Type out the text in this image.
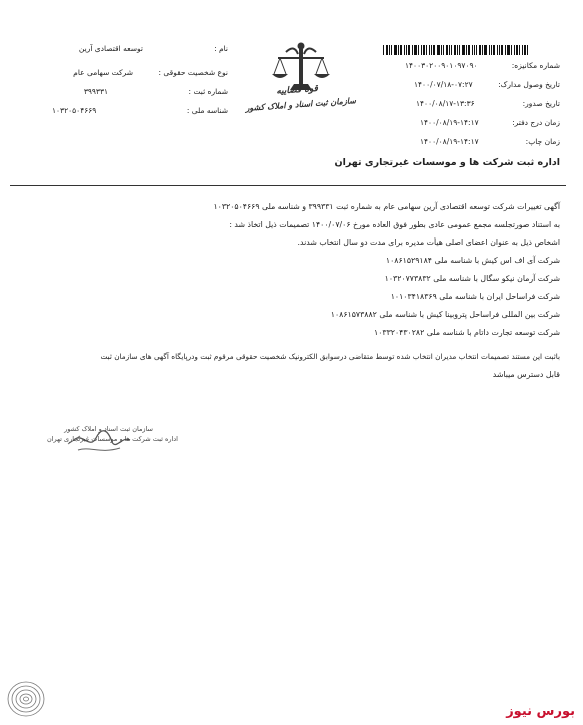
شماره مکانیزه:
۱۴۰۰۳۰۲۰۰۹۰۱۰۹۷۰۹۰
تاریخ وصول مدارک:
۱۴۰۰/۰۷/۱۸-۰۷:۲۷
تاریخ صدور:
۱۴۰۰/۰۸/۱۷-۱۳:۳۶
زمان درج دفتر:
۱۴۰۰/۰۸/۱۹-۱۴:۱۷
زمان چاپ:
۱۴۰۰/۰۸/۱۹-۱۴:۱۷
قوه قضاییه
سازمان ثبت اسناد و املاک کشور
نام :
توسعه اقتصادی آرین
نوع شخصیت حقوقی :
شرکت سهامی عام
شماره ثبت :
۳۹۹۳۳۱
شناسه ملی :
۱۰۳۲۰۵۰۴۶۶۹
اداره ثبت شرکت ها و موسسات غیرتجاری تهران
آگهی تغییرات شرکت توسعه اقتصادی آرین سهامی عام به شماره ثبت ۳۹۹۳۳۱ و شناسه ملی ۱۰۳۲۰۵۰۴۶۶۹
به استناد صورتجلسه مجمع عمومی عادی بطور فوق العاده مورخ ۱۴۰۰/۰۷/۰۶ تصمیمات ذیل اتخاذ شد :
اشخاص ذیل به عنوان اعضای اصلی هیأت مدیره برای مدت دو سال انتخاب شدند.
شرکت آی اف اس کیش با شناسه ملی ۱۰۸۶۱۵۲۹۱۸۴
شرکت آرمان نیکو سگال با شناسه ملی ۱۰۳۲۰۷۷۳۸۳۲
شرکت فراساحل ایران با شناسه ملی ۱۰۱۰۳۴۱۸۳۶۹
شرکت بین المللی فراساحل پتروبینا کیش با شناسه ملی ۱۰۸۶۱۵۷۳۸۸۲
شرکت توسعه تجارت داتام با شناسه ملی ۱۰۳۳۲۰۴۳۰۲۸۲
باثبت این مستند تصمیمات انتخاب مدیران انتخاب شده توسط متقاضی درسوابق الکترونیک شخصیت حقوقی مرقوم ثبت ودرپایگاه آگهی های سازمان ثبت
قابل دسترس میباشد
سازمان ثبت اسناد و املاک کشور
اداره ثبت شرکت ها و موسسات غیرتجاری تهران
بورس نیوز
